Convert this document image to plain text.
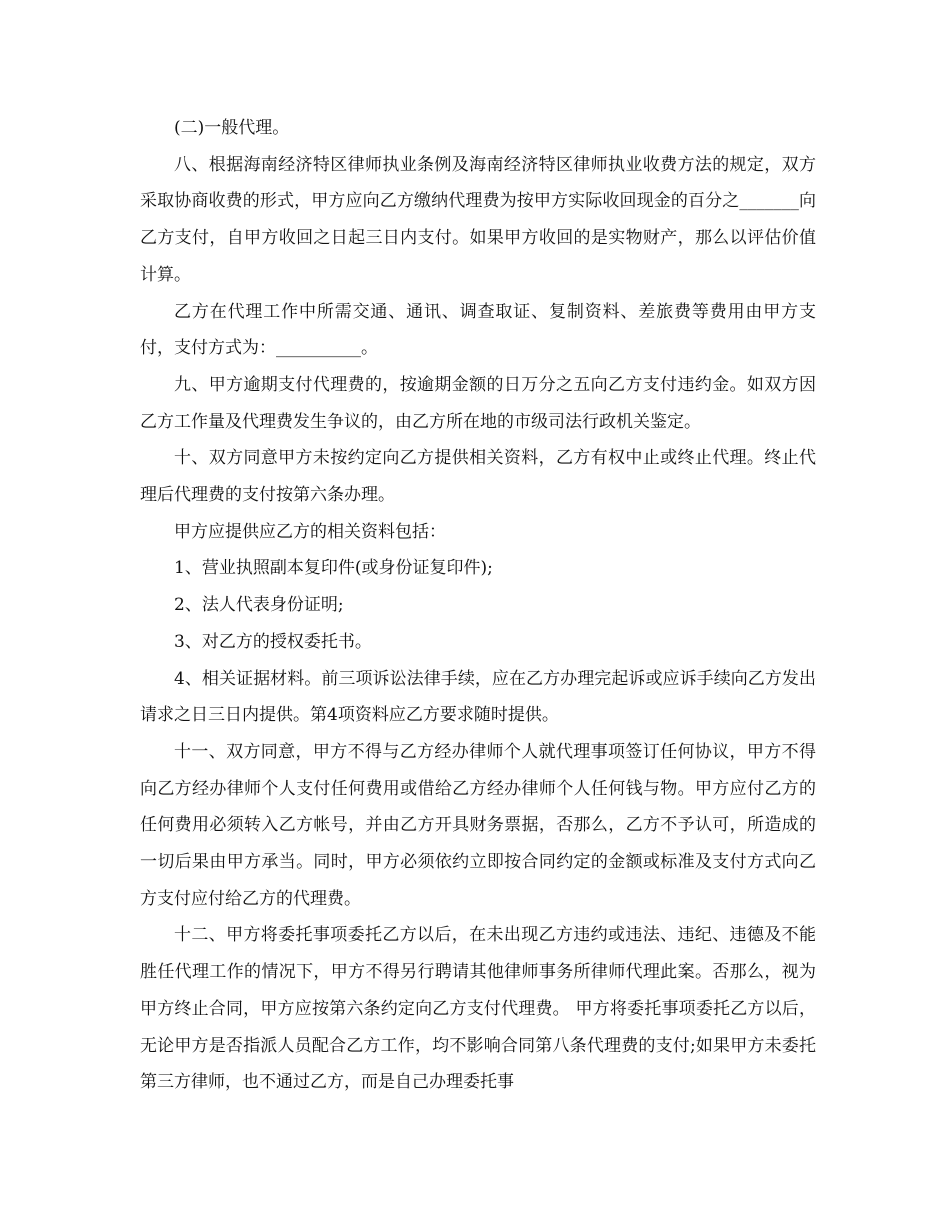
(二)一般代理。

八、根据海南经济特区律师执业条例及海南经济特区律师执业收费方法的规定，双方采取协商收费的形式，甲方应向乙方缴纳代理费为按甲方实际收回现金的百分之_______向乙方支付，自甲方收回之日起三日内支付。如果甲方收回的是实物财产，那么以评估价值计算。

乙方在代理工作中所需交通、通讯、调查取证、复制资料、差旅费等费用由甲方支付，支付方式为：__________。

九、甲方逾期支付代理费的，按逾期金额的日万分之五向乙方支付违约金。如双方因乙方工作量及代理费发生争议的，由乙方所在地的市级司法行政机关鉴定。

十、双方同意甲方未按约定向乙方提供相关资料，乙方有权中止或终止代理。终止代理后代理费的支付按第六条办理。

甲方应提供应乙方的相关资料包括：

1、营业执照副本复印件(或身份证复印件);

2、法人代表身份证明;

3、对乙方的授权委托书。

4、相关证据材料。前三项诉讼法律手续，应在乙方办理完起诉或应诉手续向乙方发出请求之日三日内提供。第4项资料应乙方要求随时提供。

十一、双方同意，甲方不得与乙方经办律师个人就代理事项签订任何协议，甲方不得向乙方经办律师个人支付任何费用或借给乙方经办律师个人任何钱与物。甲方应付乙方的任何费用必须转入乙方帐号，并由乙方开具财务票据，否那么，乙方不予认可，所造成的一切后果由甲方承当。同时，甲方必须依约立即按合同约定的金额或标准及支付方式向乙方支付应付给乙方的代理费。

十二、甲方将委托事项委托乙方以后，在未出现乙方违约或违法、违纪、违德及不能胜任代理工作的情况下，甲方不得另行聘请其他律师事务所律师代理此案。否那么，视为甲方终止合同，甲方应按第六条约定向乙方支付代理费。 甲方将委托事项委托乙方以后，无论甲方是否指派人员配合乙方工作，均不影响合同第八条代理费的支付;如果甲方未委托第三方律师，也不通过乙方，而是自己办理委托事
